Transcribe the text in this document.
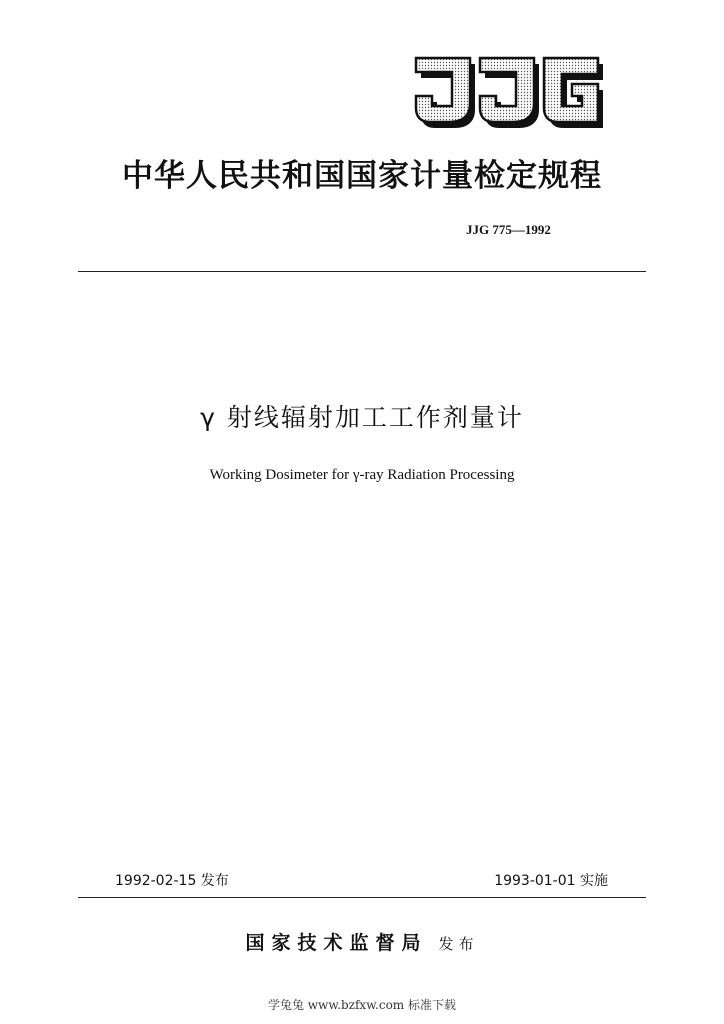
中华人民共和国国家计量检定规程
JJG 775—1992
γ 射线辐射加工工作剂量计
Working Dosimeter for γ-ray Radiation Processing
1992-02-15 发布	1993-01-01 实施
国家技术监督局 发布
学兔兔 www.bzfxw.com 标准下载
